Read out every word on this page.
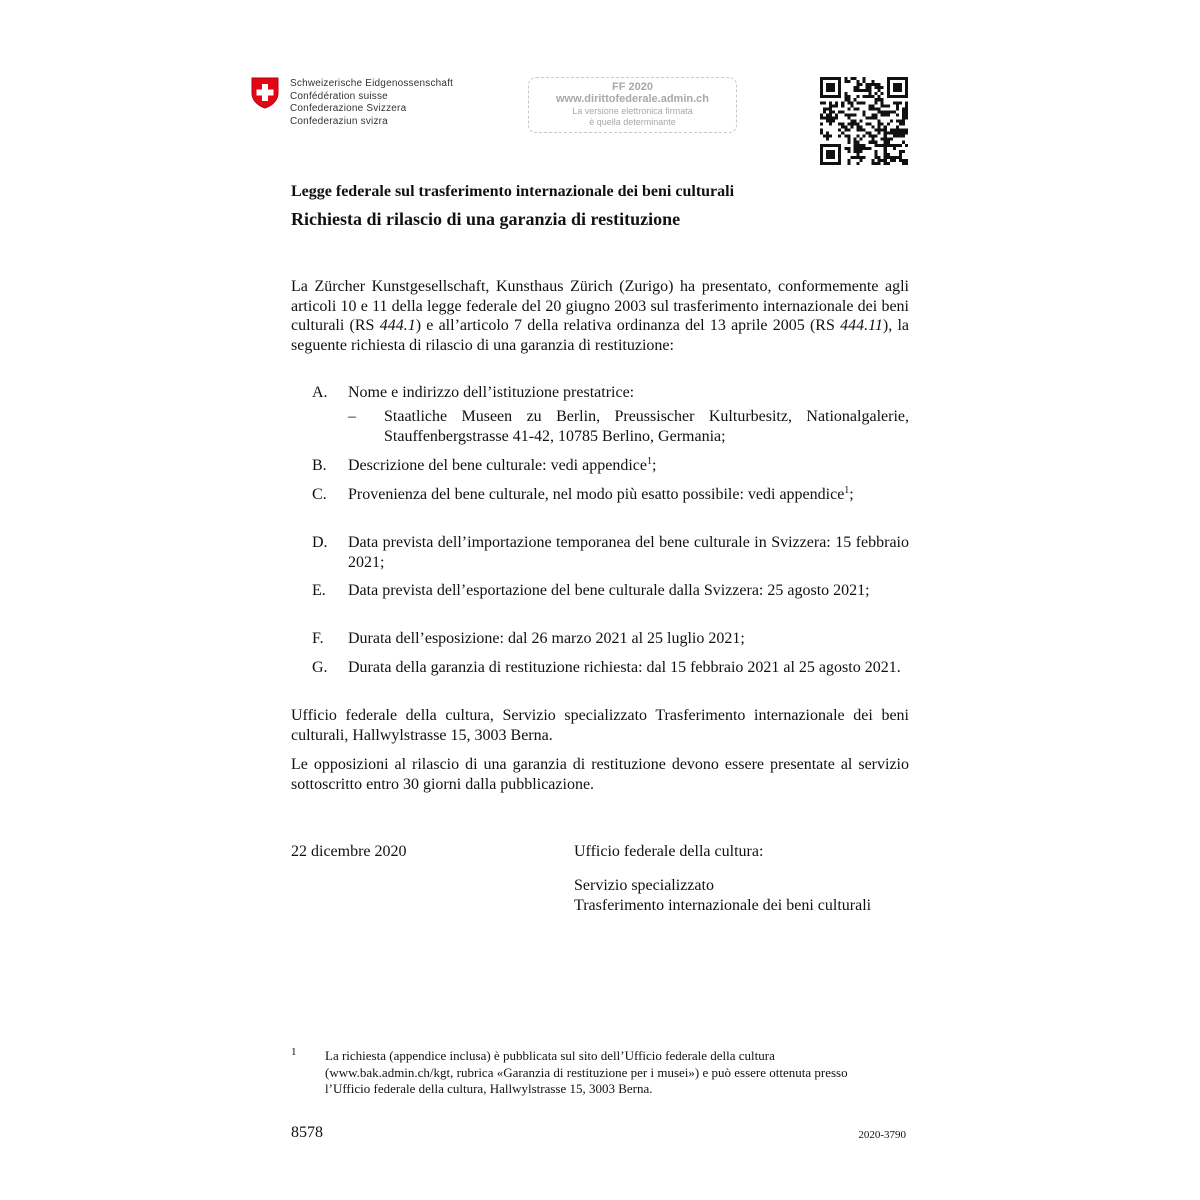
Schweizerische Eidgenossenschaft
Confédération suisse
Confederazione Svizzera
Confederaziun svizra
FF 2020
www.dirittofederale.admin.ch
La versione elettronica firmata
è quella determinante
Legge federale sul trasferimento internazionale dei beni culturali
Richiesta di rilascio di una garanzia di restituzione
La Zürcher Kunstgesellschaft, Kunsthaus Zürich (Zurigo) ha presentato, conformemente agli articoli 10 e 11 della legge federale del 20 giugno 2003 sul trasferimento internazionale dei beni culturali (RS 444.1) e all’articolo 7 della relativa ordinanza del 13 aprile 2005 (RS 444.11), la seguente richiesta di rilascio di una garanzia di restituzione:
A.	Nome e indirizzo dell’istituzione prestatrice:
– Staatliche Museen zu Berlin, Preussischer Kulturbesitz, Nationalgalerie, Stauffenbergstrasse 41-42, 10785 Berlino, Germania;
B.	Descrizione del bene culturale: vedi appendice$^1$;
C.	Provenienza del bene culturale, nel modo più esatto possibile: vedi appendice$^1$;
D.	Data prevista dell’importazione temporanea del bene culturale in Svizzera: 15 febbraio 2021;
E.	Data prevista dell’esportazione del bene culturale dalla Svizzera: 25 agosto 2021;
F.	Durata dell’esposizione: dal 26 marzo 2021 al 25 luglio 2021;
G.	Durata della garanzia di restituzione richiesta: dal 15 febbraio 2021 al 25 agosto 2021.
Ufficio federale della cultura, Servizio specializzato Trasferimento internazionale dei beni culturali, Hallwylstrasse 15, 3003 Berna.
Le opposizioni al rilascio di una garanzia di restituzione devono essere presentate al servizio sottoscritto entro 30 giorni dalla pubblicazione.
22 dicembre 2020	Ufficio federale della cultura:
Servizio specializzato
Trasferimento internazionale dei beni culturali
1 La richiesta (appendice inclusa) è pubblicata sul sito dell’Ufficio federale della cultura (www.bak.admin.ch/kgt, rubrica «Garanzia di restituzione per i musei») e può essere ottenuta presso l’Ufficio federale della cultura, Hallwylstrasse 15, 3003 Berna.
8578	2020-3790
